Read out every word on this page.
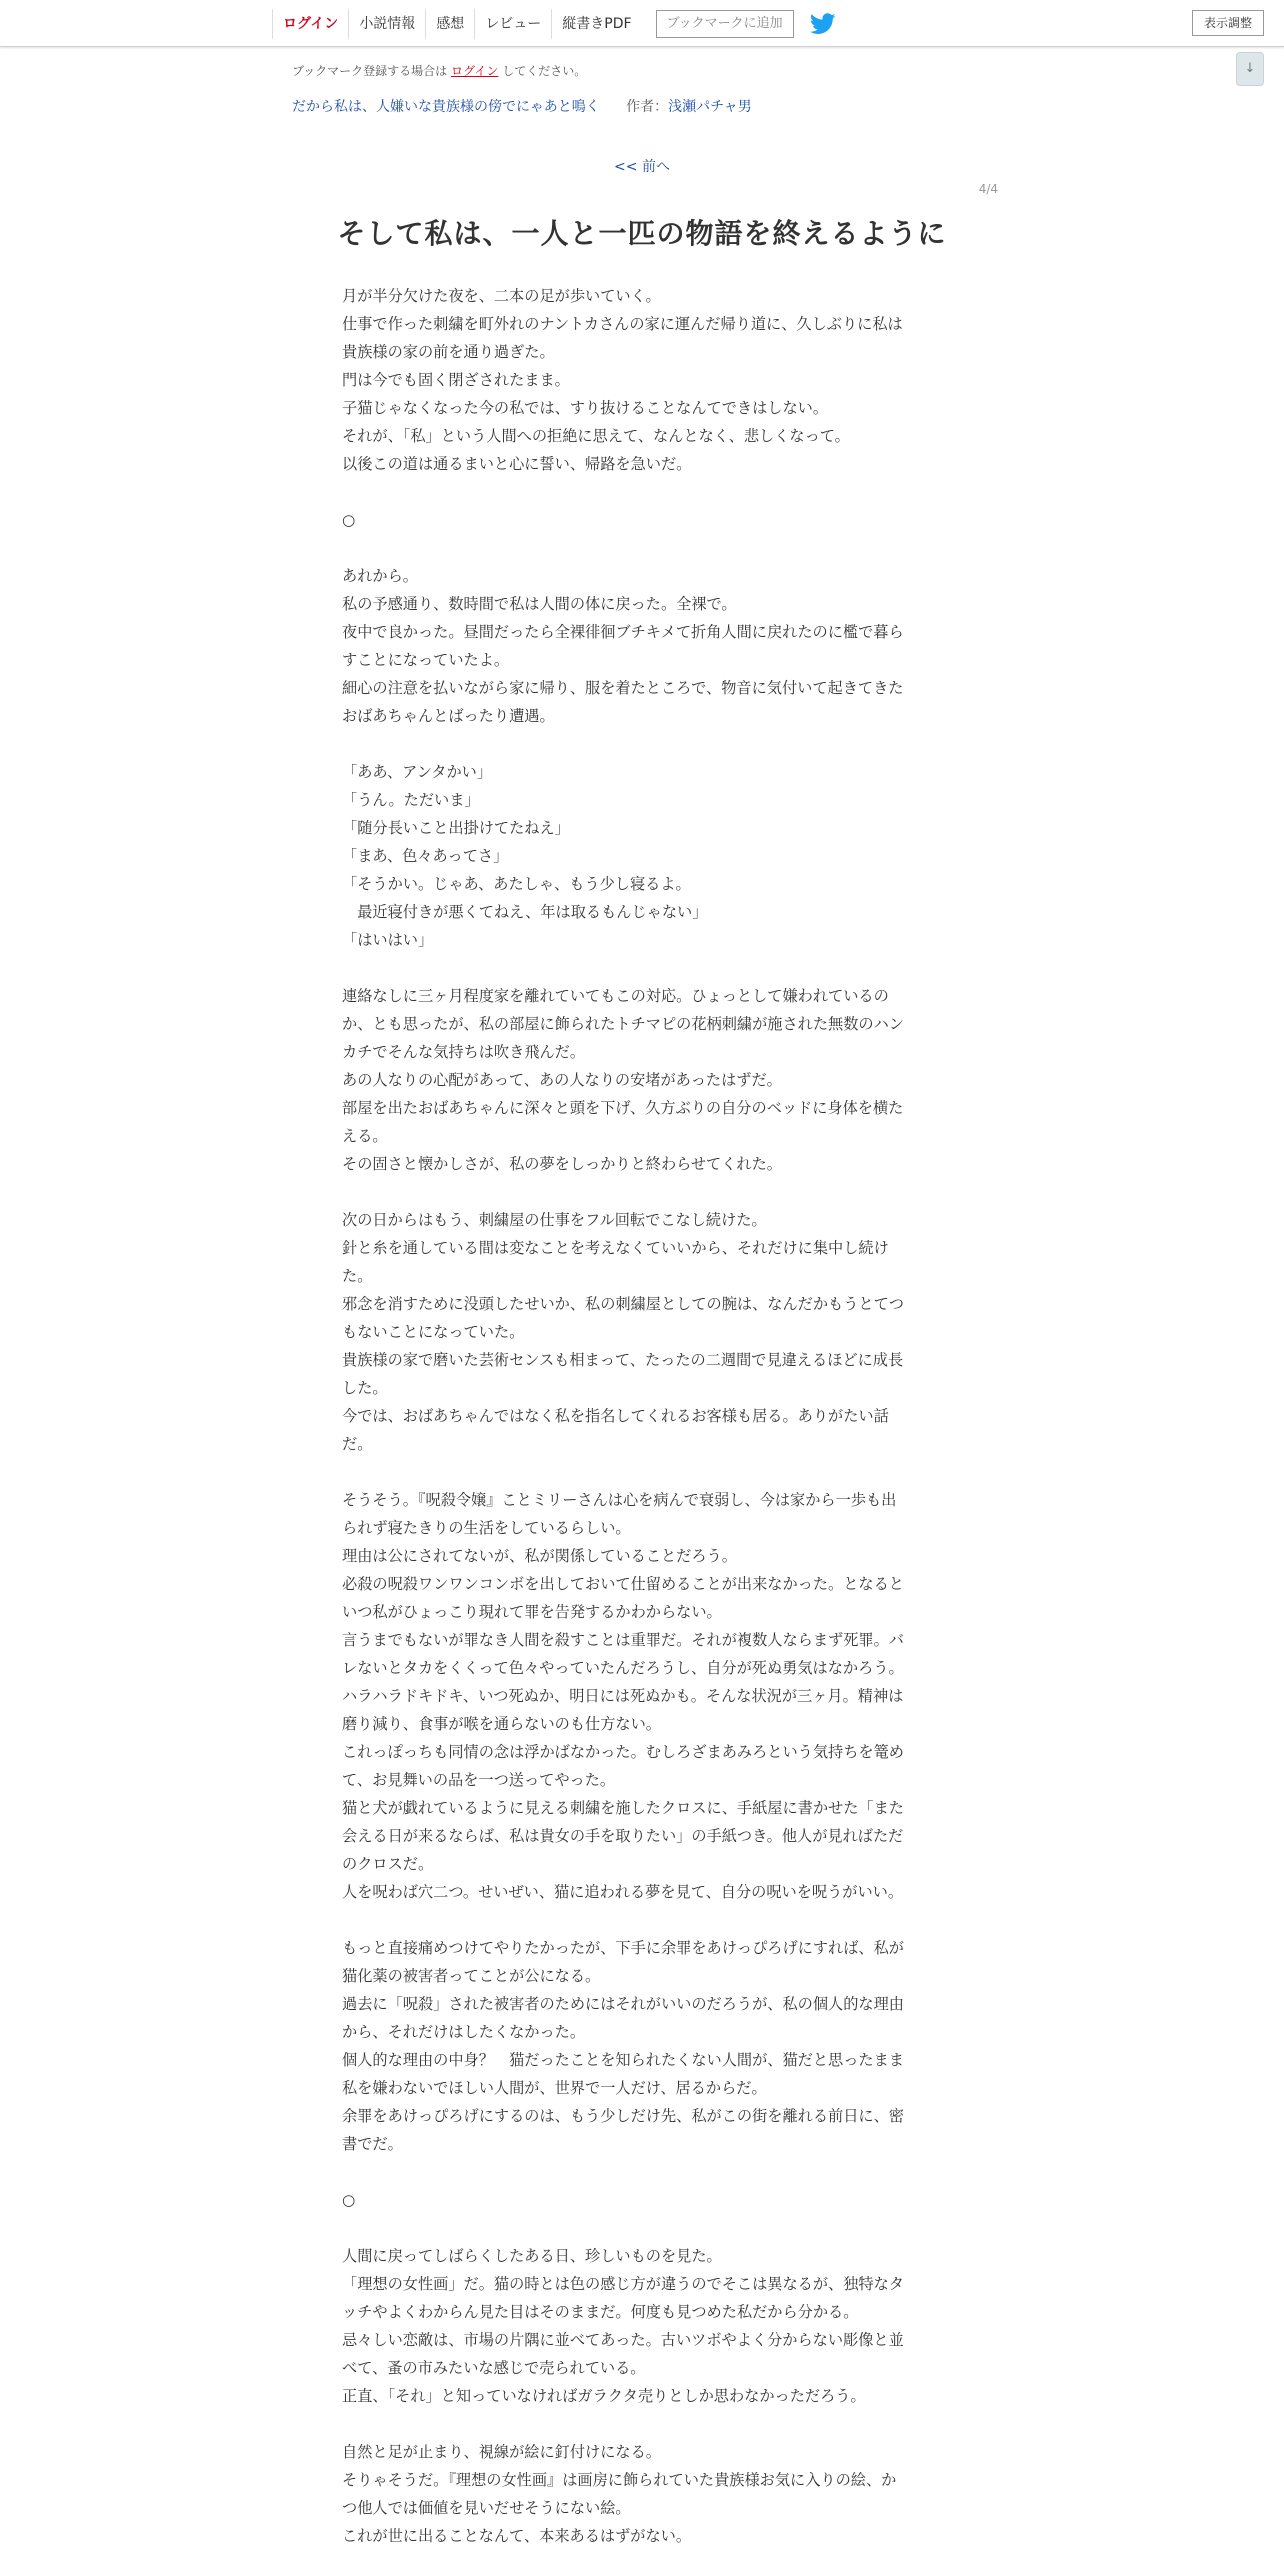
ログイン	小説情報	感想	レビュー	縦書きPDF	ブックマークに追加	表示調整
ブックマーク登録する場合は ログイン してください。
だから私は、人嫌いな貴族様の傍でにゃあと鳴く 作者：浅瀬パチャ男
↓
<< 前へ
4/4
そして私は、一人と一匹の物語を終えるように
月が半分欠けた夜を、二本の足が歩いていく。
仕事で作った刺繍を町外れのナントカさんの家に運んだ帰り道に、久しぶりに私は
貴族様の家の前を通り過ぎた。
門は今でも固く閉ざされたまま。
子猫じゃなくなった今の私では、すり抜けることなんてできはしない。
それが、「私」という人間への拒絶に思えて、なんとなく、悲しくなって。
以後この道は通るまいと心に誓い、帰路を急いだ。
○
あれから。
私の予感通り、数時間で私は人間の体に戻った。全裸で。
夜中で良かった。昼間だったら全裸徘徊ブチキメて折角人間に戻れたのに檻で暮ら
すことになっていたよ。
細心の注意を払いながら家に帰り、服を着たところで、物音に気付いて起きてきた
おばあちゃんとばったり遭遇。
「ああ、アンタかい」
「うん。ただいま」
「随分長いこと出掛けてたねえ」
「まあ、色々あってさ」
「そうかい。じゃあ、あたしゃ、もう少し寝るよ。
　最近寝付きが悪くてねえ、年は取るもんじゃない」
「はいはい」
連絡なしに三ヶ月程度家を離れていてもこの対応。ひょっとして嫌われているの
か、とも思ったが、私の部屋に飾られたトチマピの花柄刺繍が施された無数のハン
カチでそんな気持ちは吹き飛んだ。
あの人なりの心配があって、あの人なりの安堵があったはずだ。
部屋を出たおばあちゃんに深々と頭を下げ、久方ぶりの自分のベッドに身体を横た
える。
その固さと懐かしさが、私の夢をしっかりと終わらせてくれた。
次の日からはもう、刺繍屋の仕事をフル回転でこなし続けた。
針と糸を通している間は変なことを考えなくていいから、それだけに集中し続け
た。
邪念を消すために没頭したせいか、私の刺繍屋としての腕は、なんだかもうとてつ
もないことになっていた。
貴族様の家で磨いた芸術センスも相まって、たったの二週間で見違えるほどに成長
した。
今では、おばあちゃんではなく私を指名してくれるお客様も居る。ありがたい話
だ。
そうそう。『呪殺令嬢』ことミリーさんは心を病んで衰弱し、今は家から一歩も出
られず寝たきりの生活をしているらしい。
理由は公にされてないが、私が関係していることだろう。
必殺の呪殺ワンワンコンボを出しておいて仕留めることが出来なかった。となると
いつ私がひょっこり現れて罪を告発するかわからない。
言うまでもないが罪なき人間を殺すことは重罪だ。それが複数人ならまず死罪。バ
レないとタカをくくって色々やっていたんだろうし、自分が死ぬ勇気はなかろう。
ハラハラドキドキ、いつ死ぬか、明日には死ぬかも。そんな状況が三ヶ月。精神は
磨り減り、食事が喉を通らないのも仕方ない。
これっぽっちも同情の念は浮かばなかった。むしろざまあみろという気持ちを篭め
て、お見舞いの品を一つ送ってやった。
猫と犬が戯れているように見える刺繍を施したクロスに、手紙屋に書かせた「また
会える日が来るならば、私は貴女の手を取りたい」の手紙つき。他人が見ればただ
のクロスだ。
人を呪わば穴二つ。せいぜい、猫に追われる夢を見て、自分の呪いを呪うがいい。
もっと直接痛めつけてやりたかったが、下手に余罪をあけっぴろげにすれば、私が
猫化薬の被害者ってことが公になる。
過去に「呪殺」された被害者のためにはそれがいいのだろうが、私の個人的な理由
から、それだけはしたくなかった。
個人的な理由の中身？　猫だったことを知られたくない人間が、猫だと思ったまま
私を嫌わないでほしい人間が、世界で一人だけ、居るからだ。
余罪をあけっぴろげにするのは、もう少しだけ先、私がこの街を離れる前日に、密
書でだ。
○
人間に戻ってしばらくしたある日、珍しいものを見た。
「理想の女性画」だ。猫の時とは色の感じ方が違うのでそこは異なるが、独特なタ
ッチやよくわからん見た目はそのままだ。何度も見つめた私だから分かる。
忌々しい恋敵は、市場の片隅に並べてあった。古いツボやよく分からない彫像と並
べて、蚤の市みたいな感じで売られている。
正直、「それ」と知っていなければガラクタ売りとしか思わなかっただろう。
自然と足が止まり、視線が絵に釘付けになる。
そりゃそうだ。『理想の女性画』は画房に飾られていた貴族様お気に入りの絵、か
つ他人では価値を見いだせそうにない絵。
これが世に出ることなんて、本来あるはずがない。
